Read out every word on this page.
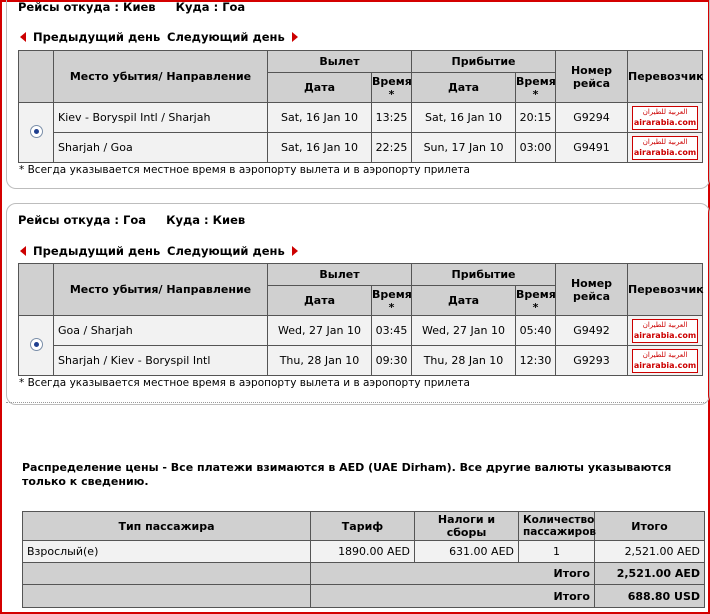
Рейсы откуда : Киев Куда : Гоа
Предыдущий день Следующий день
	Место убытия/ Направление	Вылет		Прибытие		Номер рейса	Перевозчик
		Дата	Время
*	Дата	Время
*		
	Kiev - Boryspil Intl / Sharjah	Sat, 16 Jan 10	13:25	Sat, 16 Jan 10	20:15	G9294	العربية للطيران
airarabia.com

	Sharjah / Goa	Sat, 16 Jan 10	22:25	Sun, 17 Jan 10	03:00	G9491	العربية للطيران
airarabia.com
* Всегда указывается местное время в аэропорту вылета и в аэропорту прилета
Рейсы откуда : Гоа Куда : Киев
Предыдущий день Следующий день
	Место убытия/ Направление	Вылет		Прибытие		Номер рейса	Перевозчик
		Дата	Время
*	Дата	Время
*		
	Goa / Sharjah	Wed, 27 Jan 10	03:45	Wed, 27 Jan 10	05:40	G9492	العربية للطيران
airarabia.com

	Sharjah / Kiev - Boryspil Intl	Thu, 28 Jan 10	09:30	Thu, 28 Jan 10	12:30	G9293	العربية للطيران
airarabia.com
* Всегда указывается местное время в аэропорту вылета и в аэропорту прилета
Распределение цены - Все платежи взимаются в AED (UAE Dirham). Все другие валюты указываются только к сведению.
Тип пассажира	Тариф	Налоги и сборы	Количество пассажиров	Итого
Взрослый(е)	1890.00 AED	631.00 AED	1	2,521.00 AED
	Итого			2,521.00 AED
	Итого			688.80 USD
